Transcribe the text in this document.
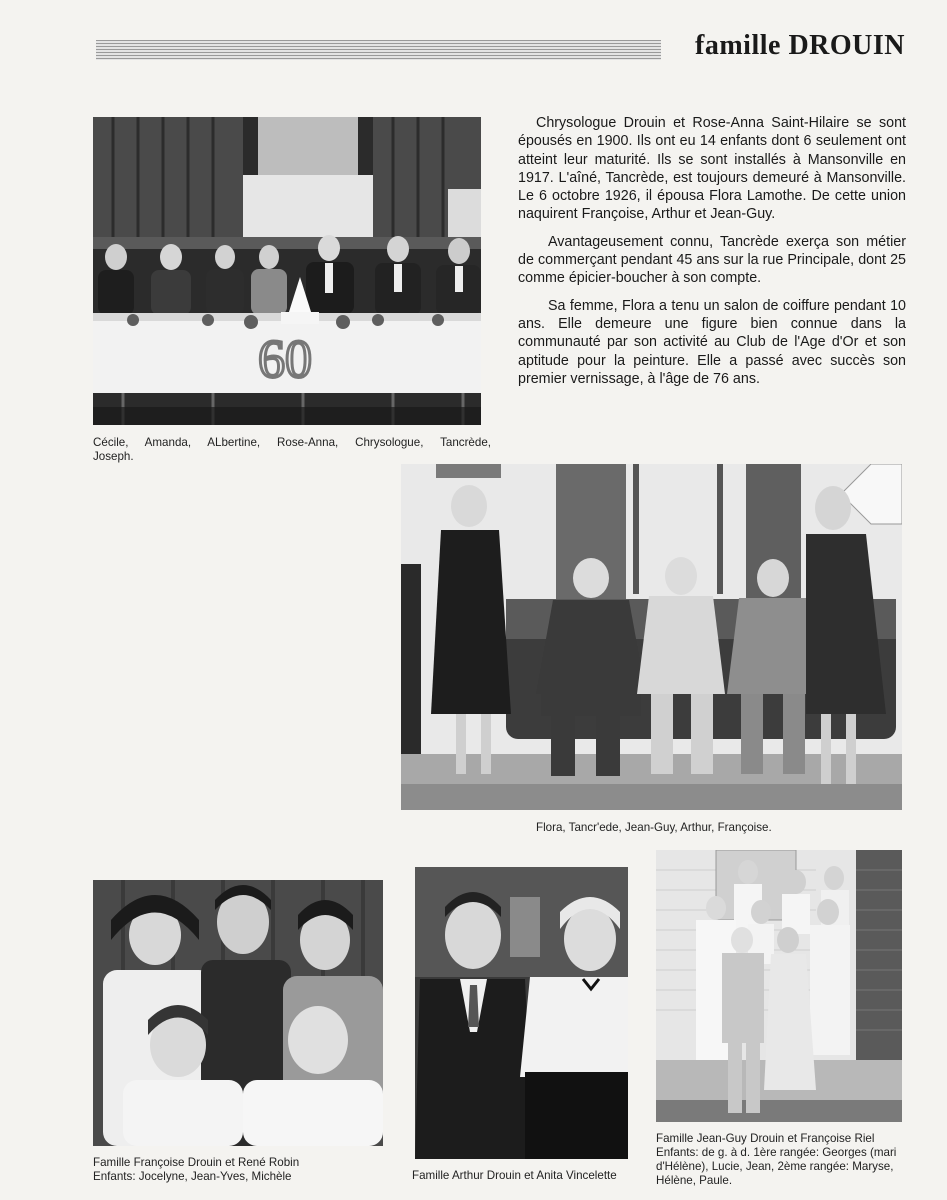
famille DROUIN
60
Cécile, Amanda, ALbertine, Rose-Anna, Chrysologue, Tancrède,
Joseph.

Chrysologue Drouin et Rose-Anna Saint-Hilaire se sont épousés en 1900. Ils ont eu 14 enfants dont 6 seulement ont atteint leur maturité. Ils se sont installés à Mansonville en 1917. L'aîné, Tancrède, est toujours demeuré à Mansonville. Le 6 octobre 1926, il épousa Flora Lamothe. De cette union naquirent Françoise, Arthur et Jean-Guy.

Avantageusement connu, Tancrède exerça son métier de commerçant pendant 45 ans sur la rue Principale, dont 25 comme épicier-boucher à son compte.

Sa femme, Flora a tenu un salon de coiffure pendant 10 ans. Elle demeure une figure bien connue dans la communauté par son activité au Club de l'Age d'Or et son aptitude pour la peinture. Elle a passé avec succès son premier vernissage, à l'âge de 76 ans.

Flora, Tancr'ede, Jean-Guy, Arthur, Françoise.
Famille Françoise Drouin et René Robin
Enfants: Jocelyne, Jean-Yves, Michèle	Famille Arthur Drouin et Anita Vincelette
Famille Jean-Guy Drouin et Françoise Riel
Enfants: de g. à d. 1ère rangée: Georges (mari
d'Hélène), Lucie, Jean, 2ème rangée: Maryse,
Hélène, Paule.
